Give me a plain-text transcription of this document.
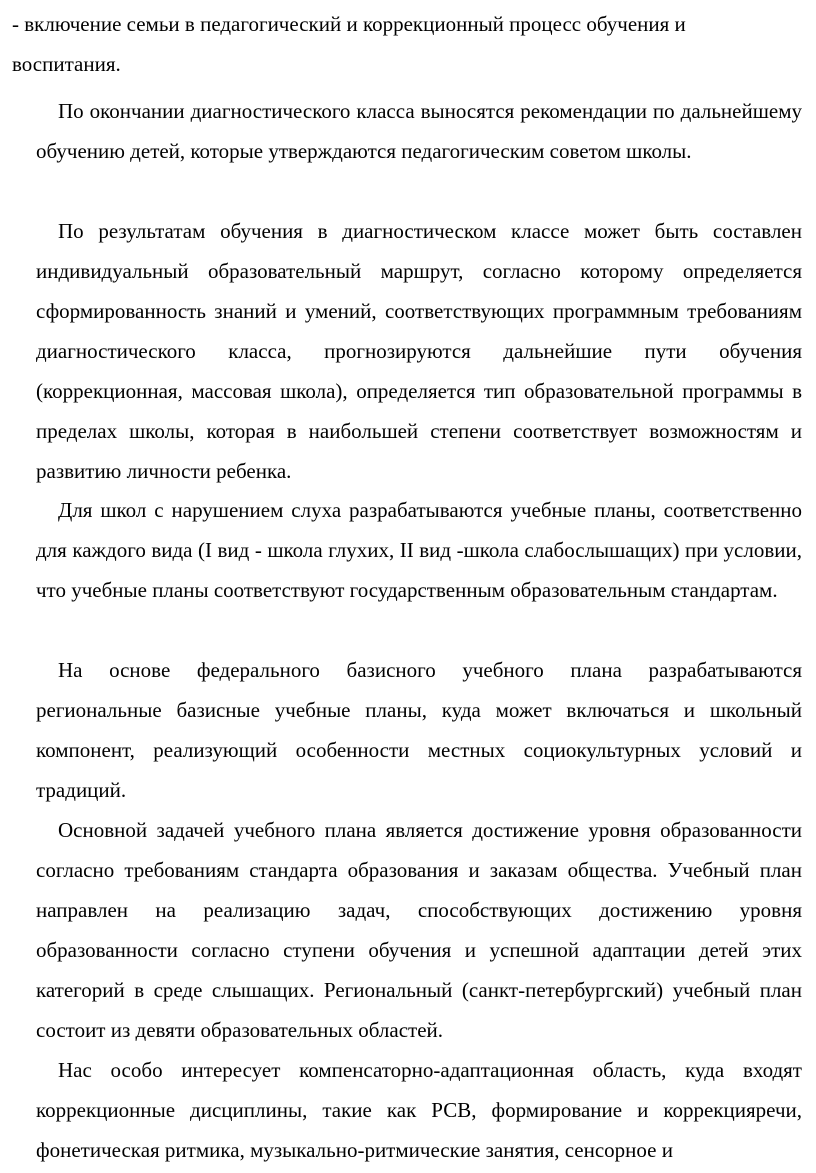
- включение семьи в педагогический и коррекционный процесс обучения и воспитания.

По окончании диагностического класса выносятся рекомендации по дальнейшему обучению детей, которые утверждаются педагогическим советом школы.

По результатам обучения в диагностическом классе может быть составлен индивидуальный образовательный маршрут, согласно которому определяется сформированность знаний и умений, соответствующих программным требованиям диагностического класса, прогнозируются дальнейшие пути обучения (коррекционная, массовая школа), определяется тип образовательной программы в пределах школы, которая в наибольшей степени соответствует возможностям и развитию личности ребенка.

Для школ с нарушением слуха разрабатываются учебные планы, соответственно для каждого вида (I вид - школа глухих, II вид -школа слабослышащих) при условии, что учебные планы соответствуют государственным образовательным стандартам.

На основе федерального базисного учебного плана разрабатываются региональные базисные учебные планы, куда может включаться и школьный компонент, реализующий особенности местных социокультурных условий и традиций.

Основной задачей учебного плана является достижение уровня образованности согласно требованиям стандарта образования и заказам общества. Учебный план направлен на реализацию задач, способствующих достижению уровня образованности согласно ступени обучения и успешной адаптации детей этих категорий в среде слышащих. Региональный (санкт-петербургский) учебный план состоит из девяти образовательных областей.

Нас особо интересует компенсаторно-адаптационная область, куда входят коррекционные дисциплины, такие как РСВ, формирование и коррекцияречи, фонетическая ритмика, музыкально-ритмические занятия, сенсорное и
